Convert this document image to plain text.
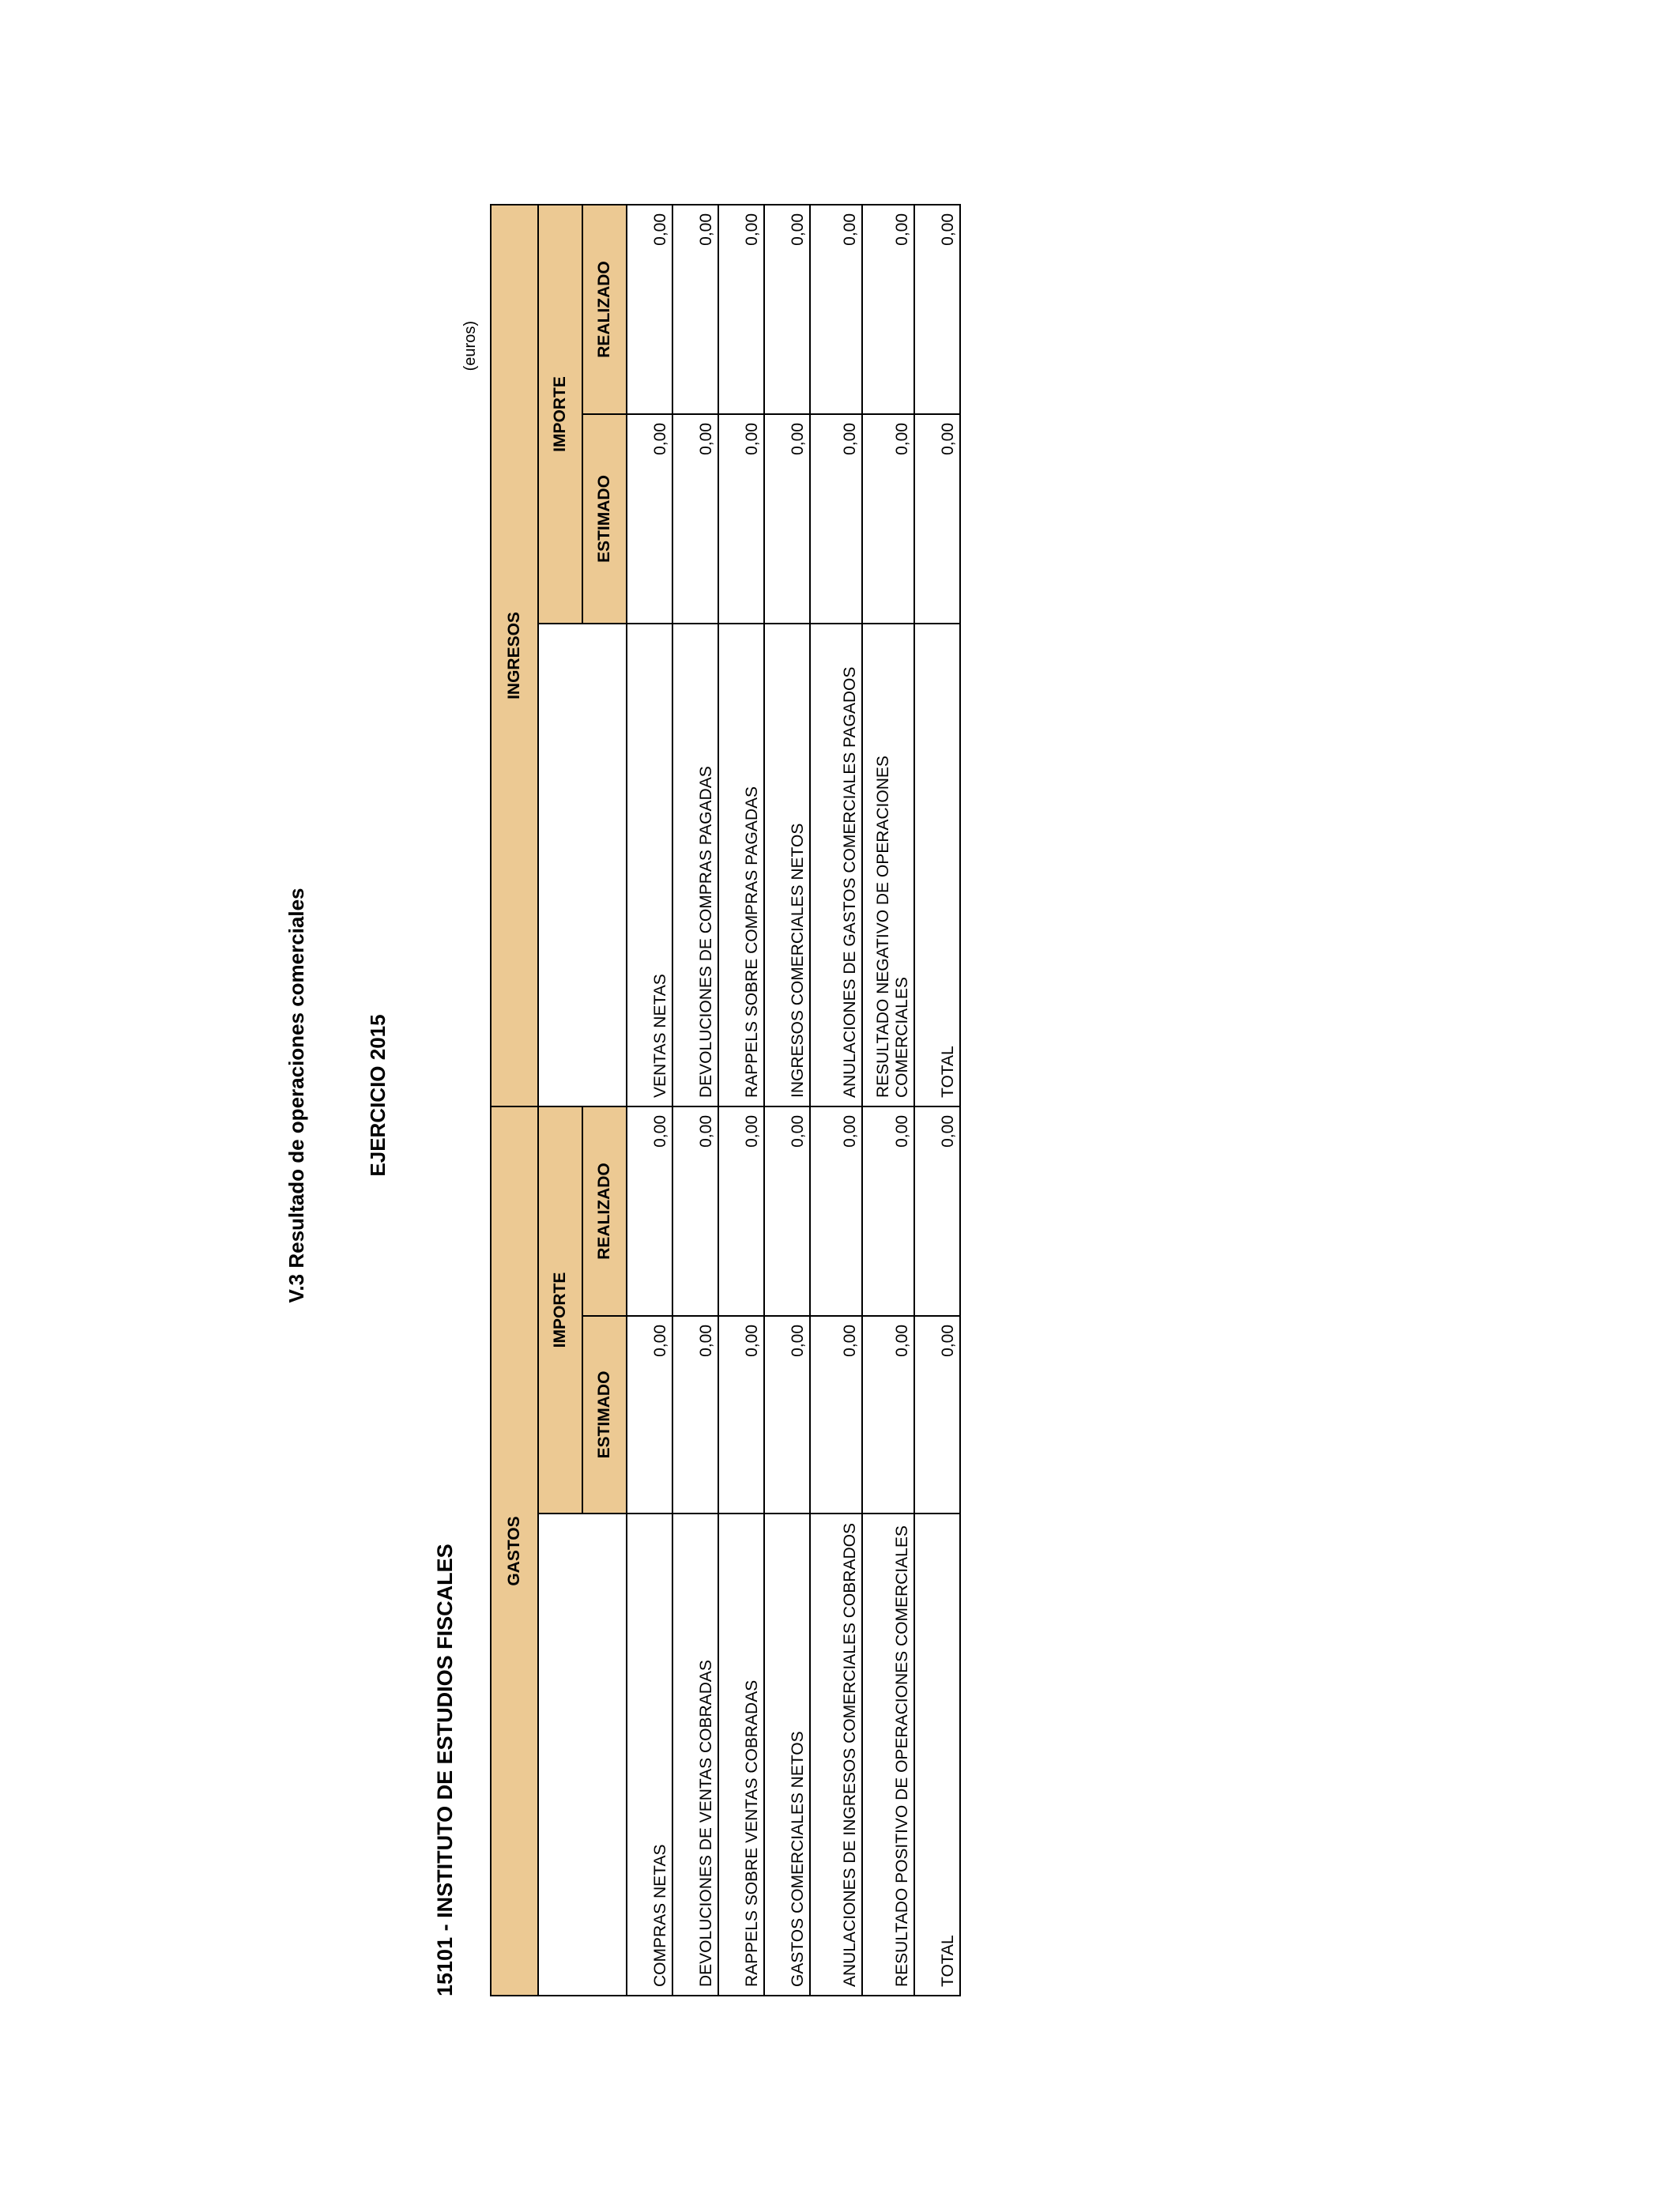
V.3 Resultado de operaciones comerciales	EJERCICIO 2015
15101 - INSTITUTO DE ESTUDIOS FISCALES
(euros)
GASTOS			INGRESOS		
	IMPORTE			IMPORTE	
	ESTIMADO	REALIZADO		ESTIMADO	REALIZADO
COMPRAS NETAS	0,00	0,00	VENTAS NETAS	0,00	0,00
DEVOLUCIONES DE VENTAS COBRADAS	0,00	0,00	DEVOLUCIONES DE COMPRAS PAGADAS	0,00	0,00
RAPPELS SOBRE VENTAS COBRADAS	0,00	0,00	RAPPELS SOBRE COMPRAS PAGADAS	0,00	0,00
GASTOS COMERCIALES NETOS	0,00	0,00	INGRESOS COMERCIALES NETOS	0,00	0,00
ANULACIONES DE INGRESOS COMERCIALES COBRADOS	0,00	0,00	ANULACIONES DE GASTOS COMERCIALES PAGADOS	0,00	0,00
RESULTADO POSITIVO DE OPERACIONES COMERCIALES	0,00	0,00	RESULTADO NEGATIVO DE OPERACIONES COMERCIALES	0,00	0,00
TOTAL	0,00	0,00	TOTAL	0,00	0,00
